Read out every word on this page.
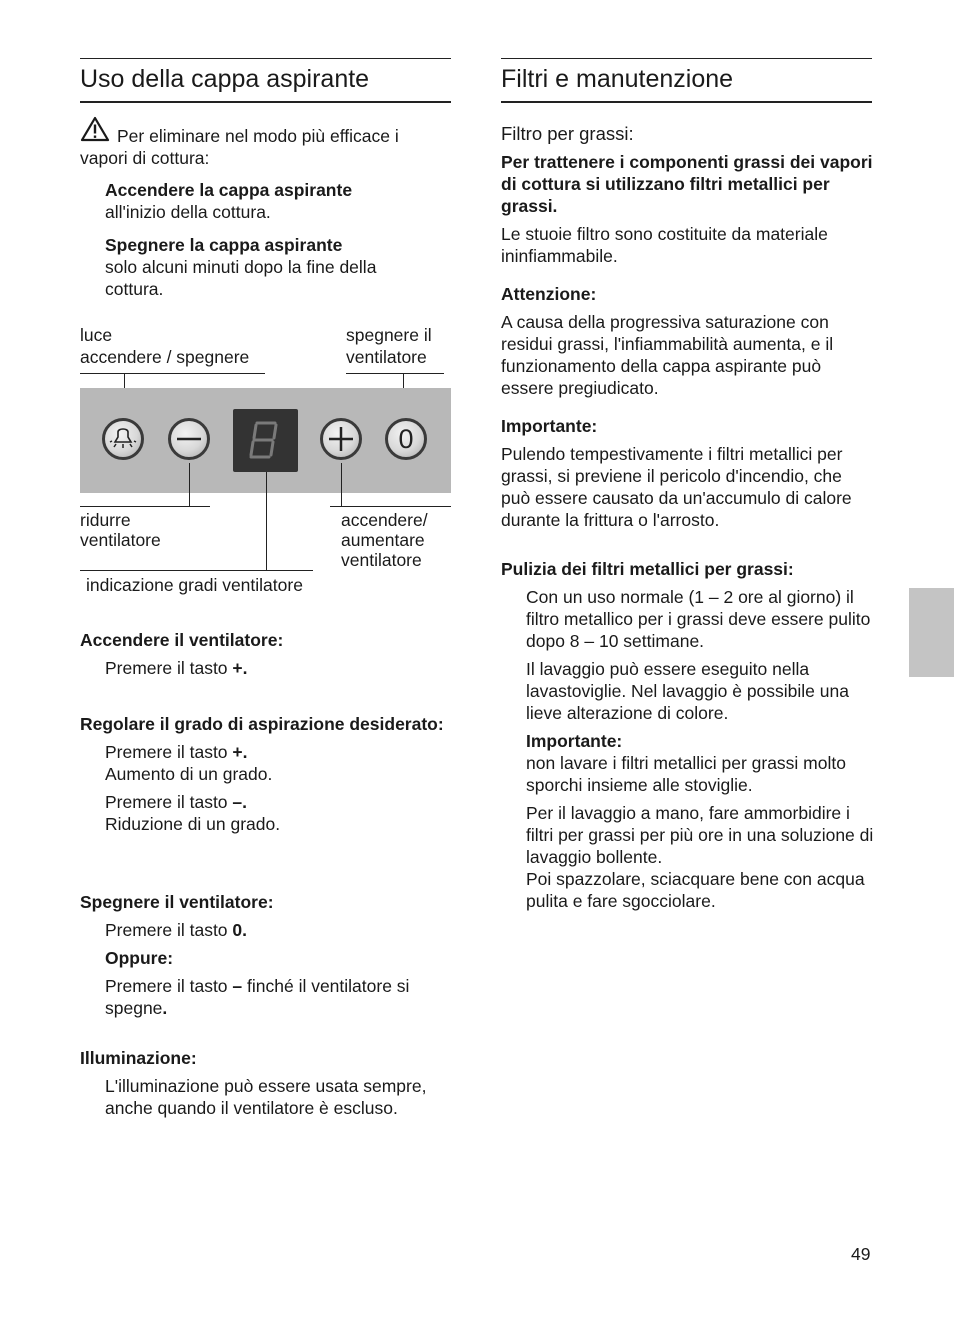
Uso della cappa aspirante
Per eliminare nel modo più efficace i vapori di cottura:
Accendere la cappa aspirante
all'inizio della cottura.
Spegnere la cappa aspirante
solo alcuni minuti dopo la fine della cottura.
luce
accendere / spegnere
spegnere il
ventilatore
0
ridurre
ventilatore
accendere/
aumentare
ventilatore
indicazione gradi ventilatore
Accendere il ventilatore:
Premere il tasto +.
Regolare il grado di aspirazione desiderato:
Premere il tasto +.
Aumento di un grado.
Premere il tasto –.
Riduzione di un grado.
Spegnere il ventilatore:
Premere il tasto 0.
Oppure:
Premere il tasto – finché il ventilatore si spegne.
Illuminazione:
L'illuminazione può essere usata sempre, anche quando il ventilatore è escluso.
Filtri e manutenzione
Filtro per grassi:
Per trattenere i componenti grassi dei vapori di cottura si utilizzano filtri metallici per grassi.
Le stuoie filtro sono costituite da materiale ininfiammabile.
Attenzione:
A causa della progressiva saturazione con residui grassi, l'infiammabilità aumenta, e il funzionamento della cappa aspirante può essere pregiudicato.
Importante:
Pulendo tempestivamente i filtri metallici per grassi, si previene il pericolo d'incendio, che può essere causato da un'accumulo di calore durante la frittura o l'arrosto.
Pulizia dei filtri metallici per grassi:
Con un uso normale (1 – 2 ore al giorno) il filtro metallico per i grassi deve essere pulito dopo 8 – 10 settimane.
Il lavaggio può essere eseguito nella lavastoviglie. Nel lavaggio è possibile una lieve alterazione di colore.
Importante:
non lavare i filtri metallici per grassi molto sporchi insieme alle stoviglie.
Per il lavaggio a mano, fare ammorbidire i filtri per grassi per più ore in una soluzione di lavaggio bollente.
Poi spazzolare, sciacquare bene con acqua pulita e fare sgocciolare.
49
